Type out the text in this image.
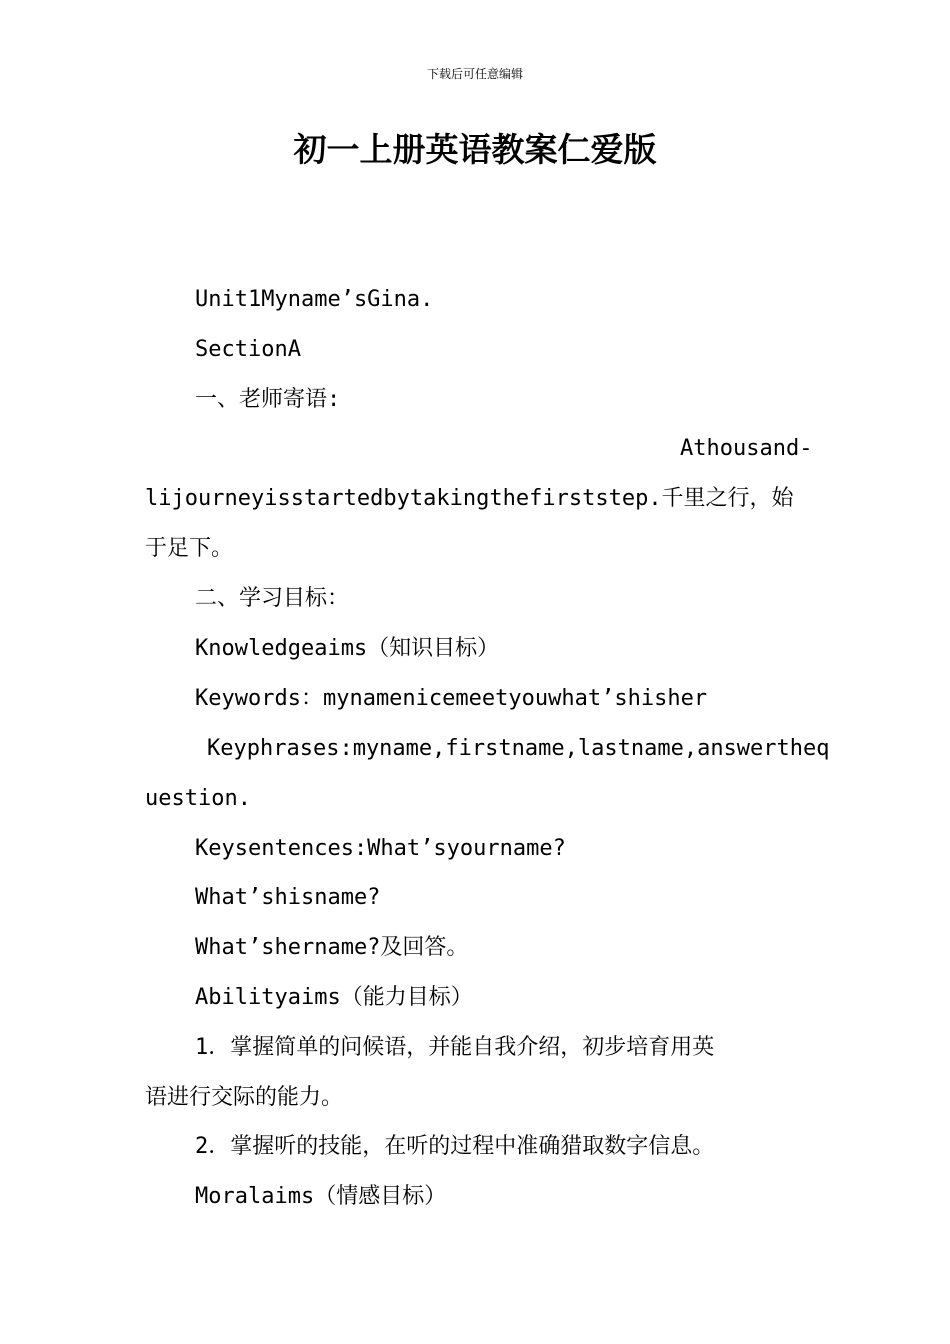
下载后可任意编辑
初一上册英语教案仁爱版
Unit1Myname’sGina.
SectionA
一、老师寄语:
Athousand-
lijourneyisstartedbytakingthefirststep.千里之行，始
于足下。
二、学习目标：
Knowledgeaims（知识目标）
Keywords：mynamenicemeetyouwhat’shisher
Keyphrases:myname,firstname,lastname,answertheq
uestion.
Keysentences:What’syourname?
What’shisname?
What’shername?及回答。
Abilityaims（能力目标）
1．掌握简单的问候语，并能自我介绍，初步培育用英
语进行交际的能力。
2．掌握听的技能，在听的过程中准确猎取数字信息。
Moralaims（情感目标）
